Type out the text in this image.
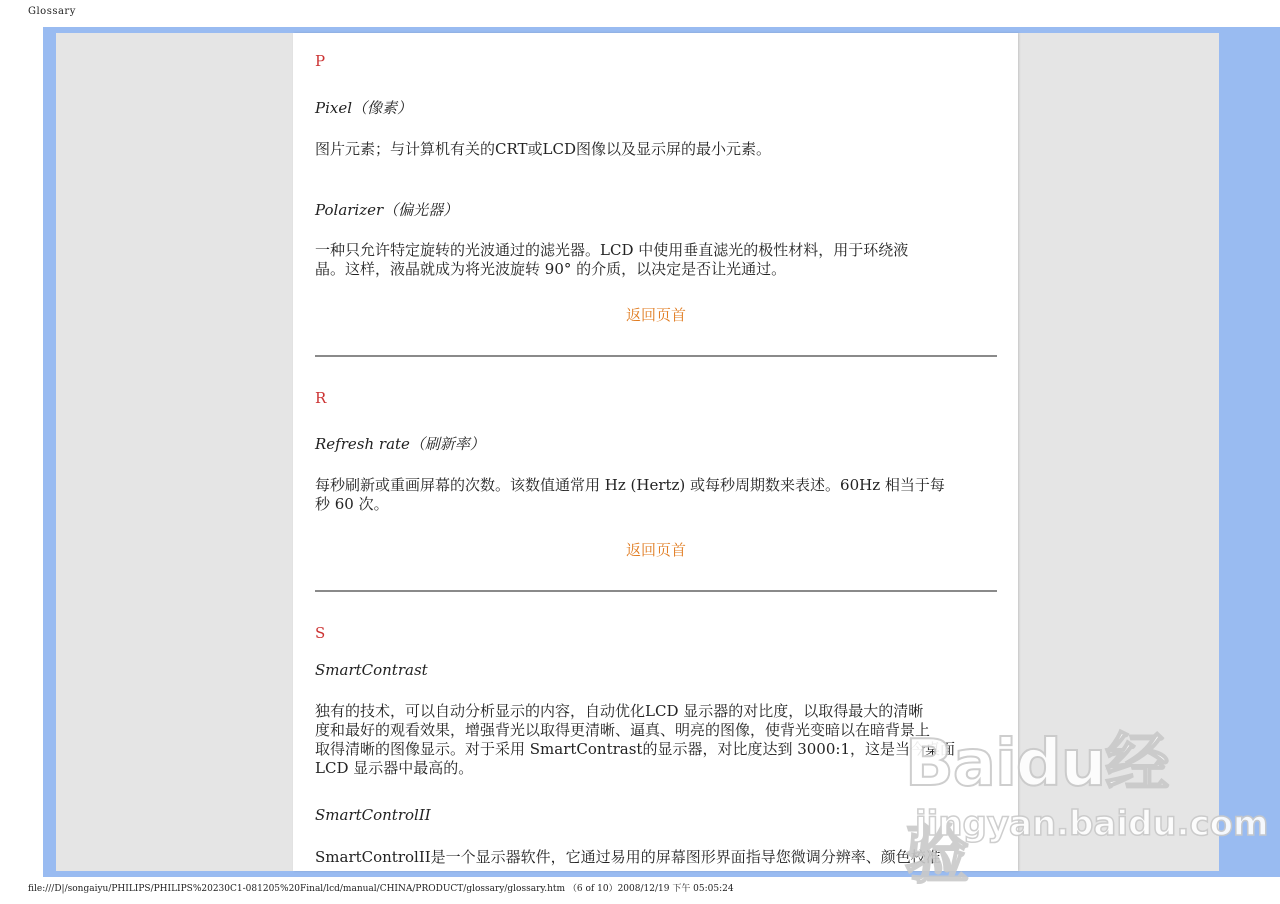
Glossary
P
Pixel（像素）
图片元素；与计算机有关的CRT或LCD图像以及显示屏的最小元素。
Polarizer（偏光器）
一种只允许特定旋转的光波通过的滤光器。LCD 中使用垂直滤光的极性材料，用于环绕液
晶。这样，液晶就成为将光波旋转 90° 的介质，以决定是否让光通过。
返回页首
R
Refresh rate（刷新率）
每秒刷新或重画屏幕的次数。该数值通常用 Hz (Hertz) 或每秒周期数来表述。60Hz 相当于每
秒 60 次。
返回页首
S
SmartContrast
独有的技术，可以自动分析显示的内容，自动优化LCD 显示器的对比度，以取得最大的清晰
度和最好的观看效果，增强背光以取得更清晰、逼真、明亮的图像，使背光变暗以在暗背景上
取得清晰的图像显示。对于采用 SmartContrast的显示器，对比度达到 3000:1，这是当今桌面
LCD 显示器中最高的。
SmartControlII
SmartControlII是一个显示器软件，它通过易用的屏幕图形界面指导您微调分辨率、颜色校准
Baidu经验
jingyan.baidu.com
file:///D|/songaiyu/PHILIPS/PHILIPS%20230C1-081205%20Final/lcd/manual/CHINA/PRODUCT/glossary/glossary.htm （6 of 10）2008/12/19 下午 05:05:24
